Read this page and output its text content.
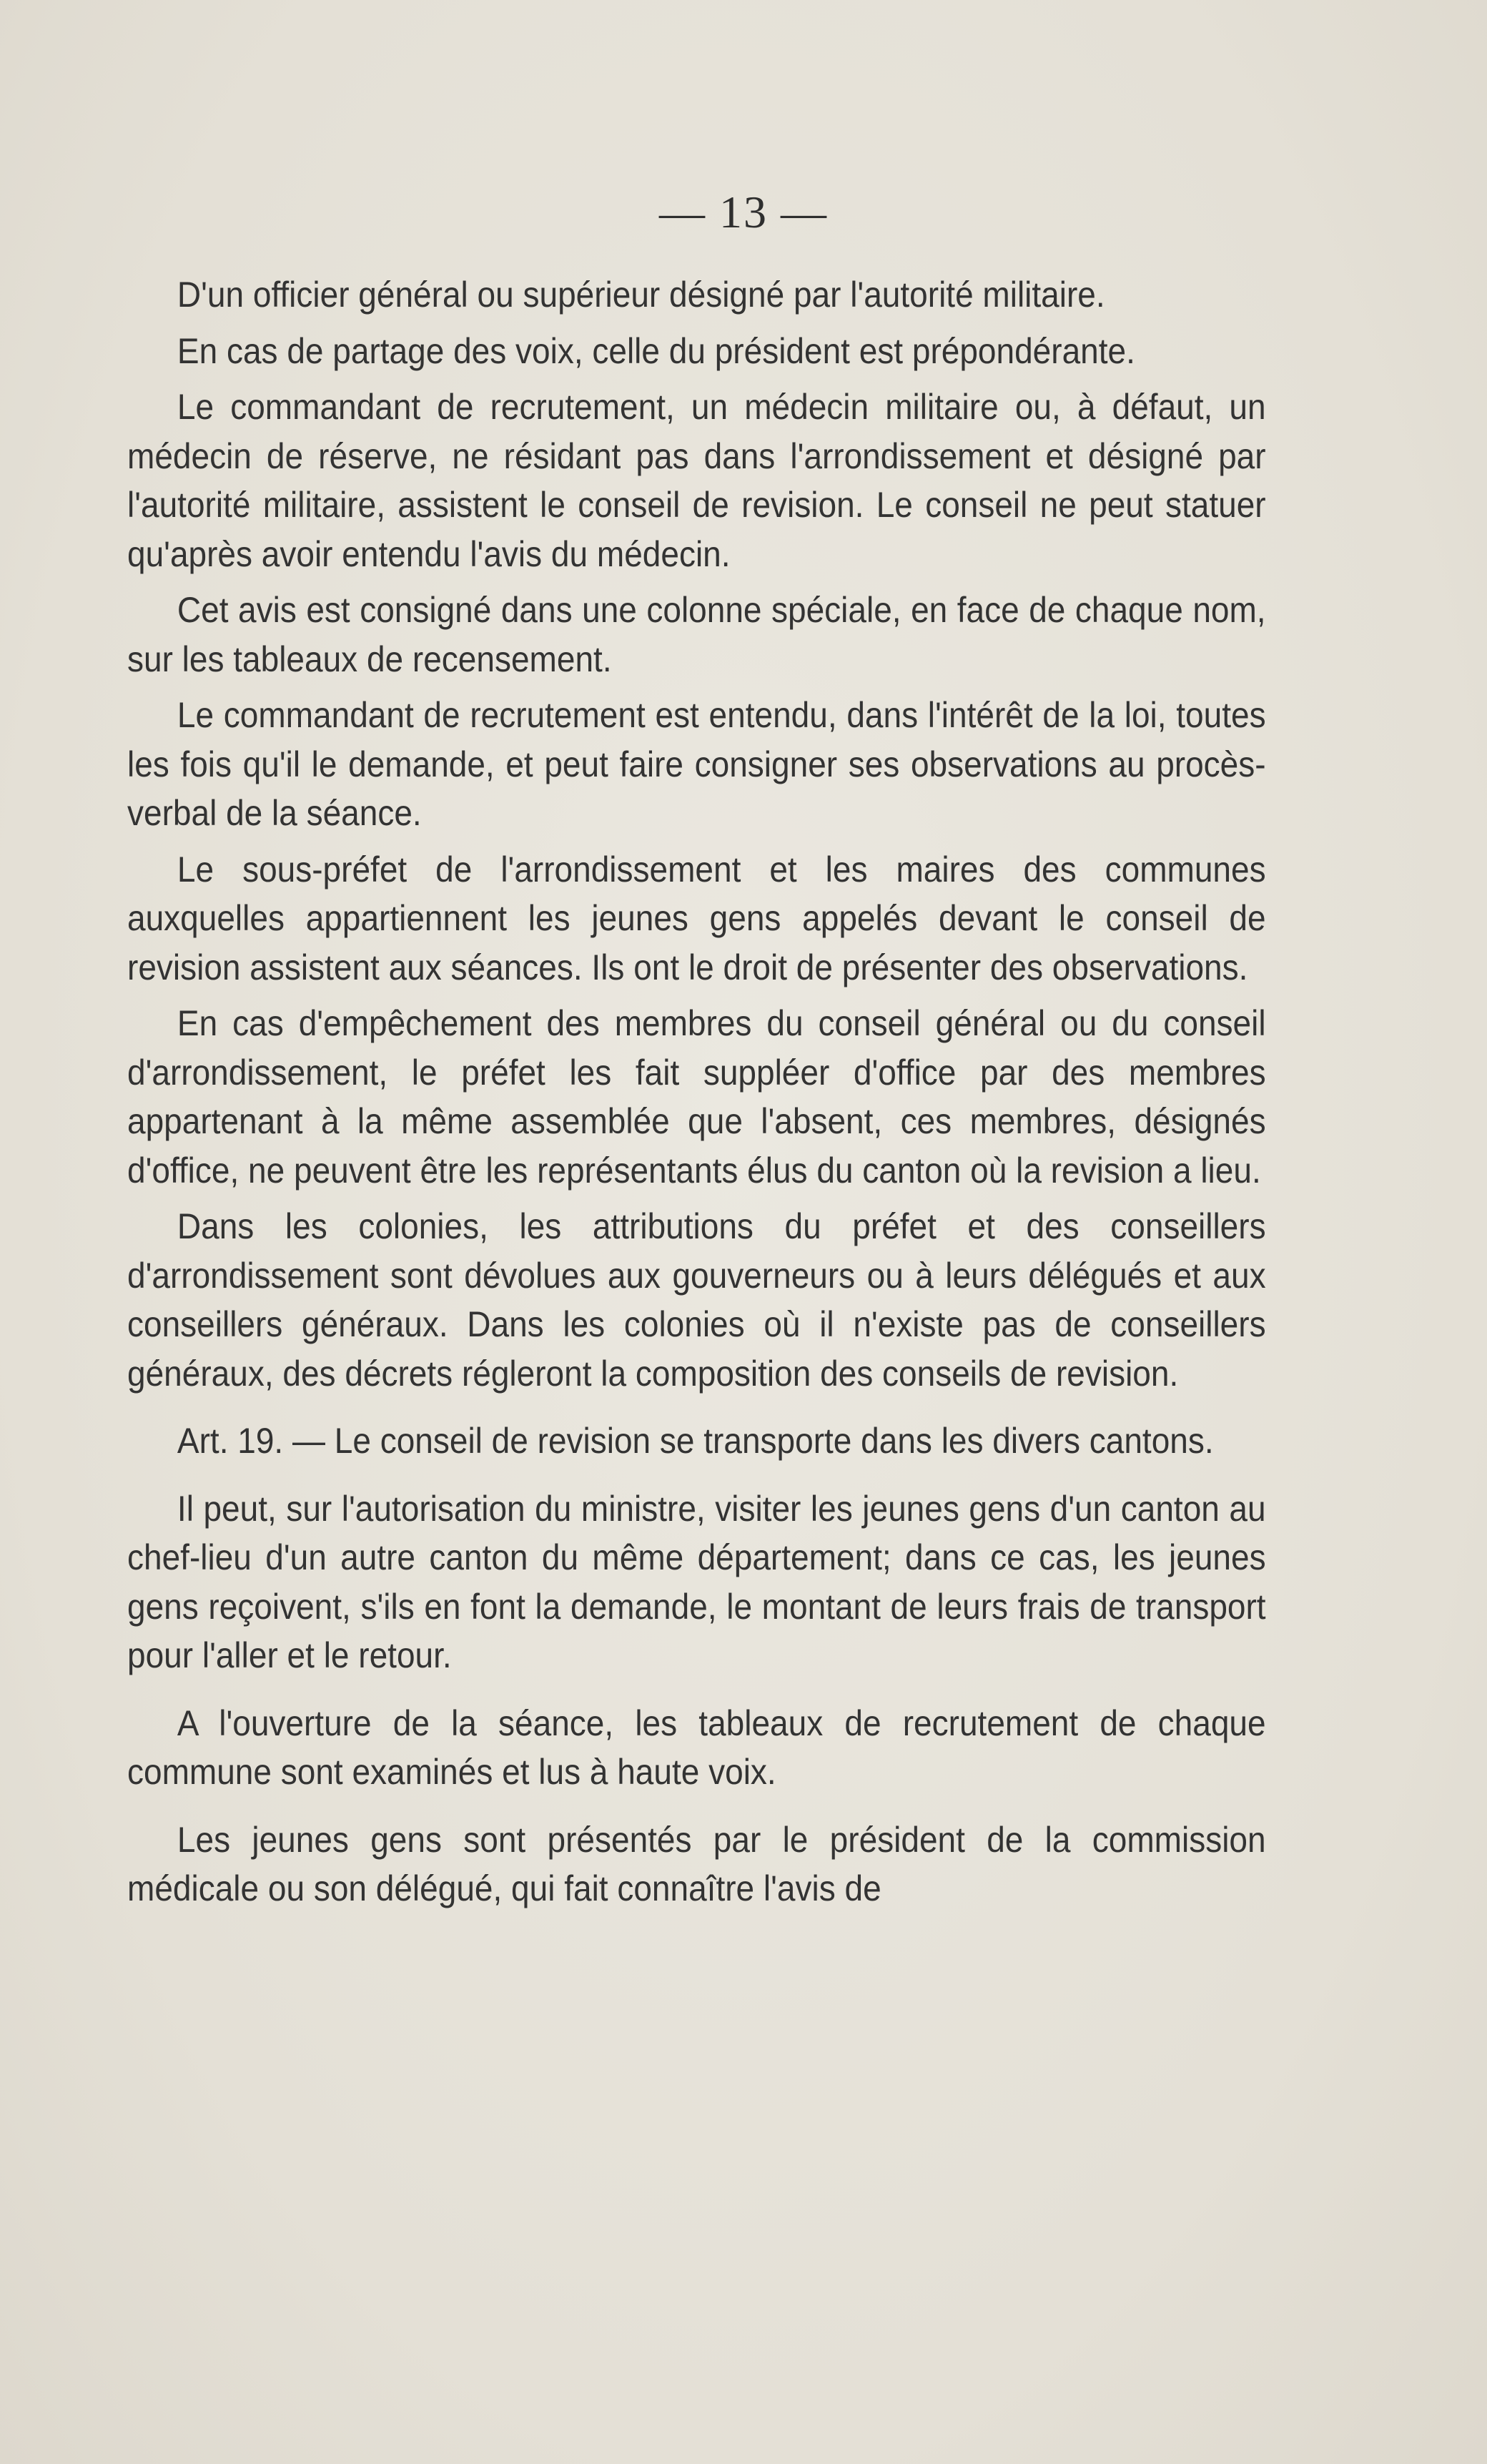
— 13 —

D'un officier général ou supérieur désigné par l'autorité militaire.

En cas de partage des voix, celle du président est prépondérante.

Le commandant de recrutement, un médecin militaire ou, à défaut, un médecin de réserve, ne résidant pas dans l'arrondissement et désigné par l'autorité militaire, assistent le conseil de revision. Le conseil ne peut statuer qu'après avoir entendu l'avis du médecin.

Cet avis est consigné dans une colonne spéciale, en face de chaque nom, sur les tableaux de recensement.

Le commandant de recrutement est entendu, dans l'intérêt de la loi, toutes les fois qu'il le demande, et peut faire consigner ses observations au procès-verbal de la séance.

Le sous-préfet de l'arrondissement et les maires des communes auxquelles appartiennent les jeunes gens appelés devant le conseil de revision assistent aux séances. Ils ont le droit de présenter des observations.

En cas d'empêchement des membres du conseil général ou du conseil d'arrondissement, le préfet les fait suppléer d'office par des membres appartenant à la même assemblée que l'absent, ces membres, désignés d'office, ne peuvent être les représentants élus du canton où la revision a lieu.

Dans les colonies, les attributions du préfet et des conseillers d'arrondissement sont dévolues aux gouverneurs ou à leurs délégués et aux conseillers généraux. Dans les colonies où il n'existe pas de conseillers généraux, des décrets régleront la composition des conseils de revision.

Art. 19. — Le conseil de revision se transporte dans les divers cantons.

Il peut, sur l'autorisation du ministre, visiter les jeunes gens d'un canton au chef-lieu d'un autre canton du même département; dans ce cas, les jeunes gens reçoivent, s'ils en font la demande, le montant de leurs frais de transport pour l'aller et le retour.

A l'ouverture de la séance, les tableaux de recrutement de chaque commune sont examinés et lus à haute voix.

Les jeunes gens sont présentés par le président de la commission médicale ou son délégué, qui fait connaître l'avis de
